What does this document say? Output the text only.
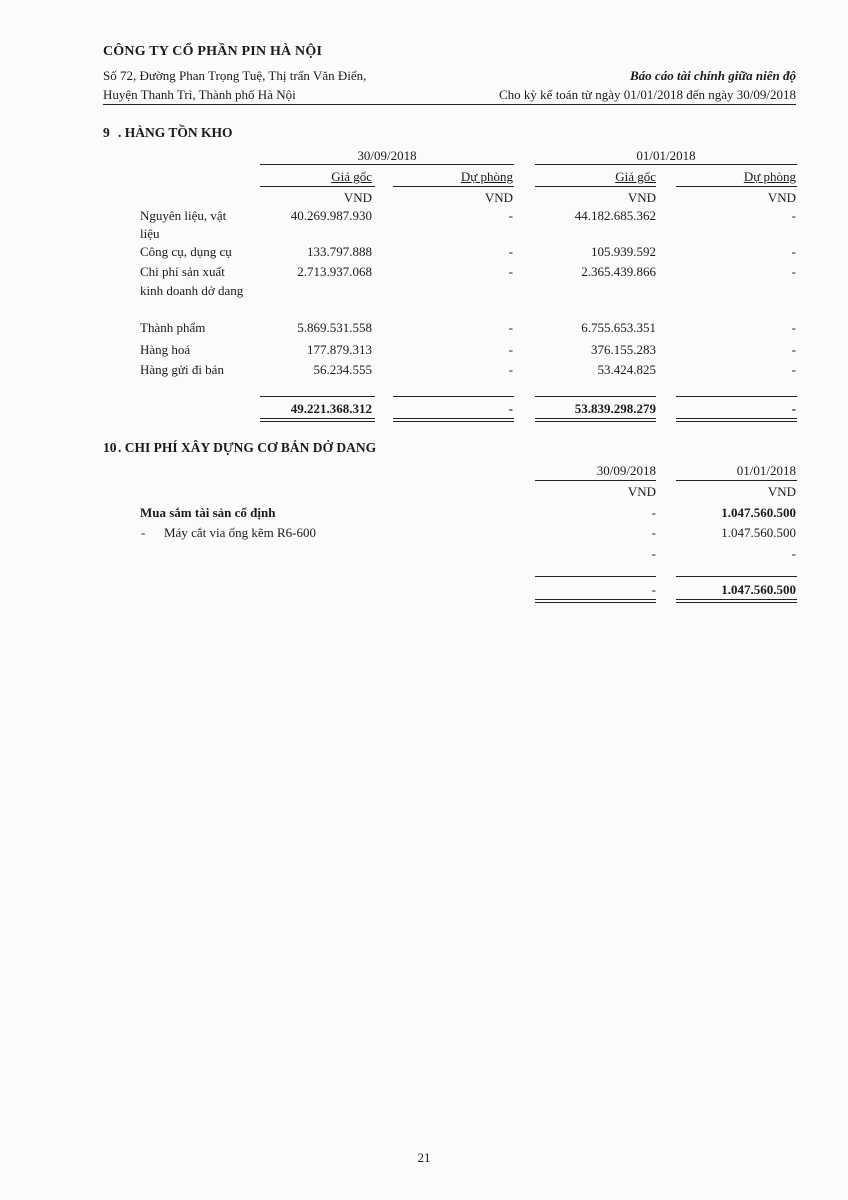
CÔNG TY CỔ PHẦN PIN HÀ NỘI
Số 72, Đường Phan Trọng Tuệ, Thị trấn Văn Điển,
Huyện Thanh Trì, Thành phố Hà Nội
Báo cáo tài chính giữa niên độ
Cho kỳ kế toán từ ngày 01/01/2018 đến ngày 30/09/2018
9 . HÀNG TỒN KHO
30/09/2018	01/01/2018
Giá gốc	Dự phòng	Giá gốc	Dự phòng
VND	VND	VND	VND
Nguyên liệu, vật
liệu
40.269.987.930	-	44.182.685.362	-
Công cụ, dụng cụ	133.797.888	-	105.939.592	-
Chi phí sản xuất
kinh doanh dở dang
2.713.937.068	-	2.365.439.866	-
Thành phẩm	5.869.531.558	-	6.755.653.351	-
Hàng hoá	177.879.313	-	376.155.283	-
Hàng gửi đi bán	56.234.555	-	53.424.825	-
49.221.368.312	-	53.839.298.279	-
10 . CHI PHÍ XÂY DỰNG CƠ BẢN DỞ DANG
30/09/2018	01/01/2018
VND	VND
Mua sắm tài sản cố định	-	1.047.560.500
- Máy cắt via ống kẽm R6-600	-	1.047.560.500
-	-
-	1.047.560.500
21
